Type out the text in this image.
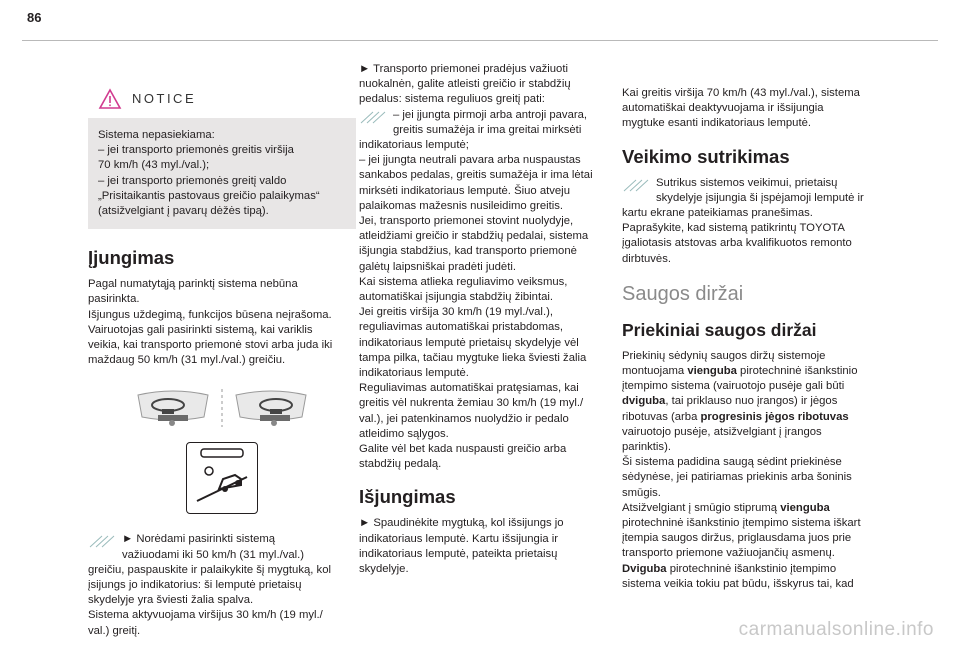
86
NOTICE

Sistema nepasiekiama:

– jei transporto priemonės greitis viršija

70 km/h (43 myl./val.);

– jei transporto priemonės greitį valdo

„Prisitaikantis pastovaus greičio palaikymas“

(atsižvelgiant į pavarų dėžės tipą).

Įjungimas

Pagal numatytąją parinktį sistema nebūna

pasirinkta.

Išjungus uždegimą, funkcijos būsena neįrašoma.

Vairuotojas gali pasirinkti sistemą, kai variklis

veikia, kai transporto priemonė stovi arba juda iki

maždaug 50 km/h (31 myl./val.) greičiu.

► Norėdami pasirinkti sistemą

važiuodami iki 50 km/h (31 myl./val.)

greičiu, paspauskite ir palaikykite šį mygtuką, kol

įsijungs jo indikatorius: ši lemputė prietaisų

skydelyje yra šviesti žalia spalva.

Sistema aktyvuojama viršijus 30 km/h (19 myl./

val.) greitį.

► Transporto priemonei pradėjus važiuoti

nuokalnėn, galite atleisti greičio ir stabdžių

pedalus: sistema reguliuos greitį pati:

– jei įjungta pirmoji arba antroji pavara,

greitis sumažėja ir ima greitai mirksėti

indikatoriaus lemputė;

– jei įjungta neutrali pavara arba nuspaustas

sankabos pedalas, greitis sumažėja ir ima lėtai

mirksėti indikatoriaus lemputė. Šiuo atveju

palaikomas mažesnis nusileidimo greitis.

Jei, transporto priemonei stovint nuolydyje,

atleidžiami greičio ir stabdžių pedalai, sistema

išjungia stabdžius, kad transporto priemonė

galėtų laipsniškai pradėti judėti.

Kai sistema atlieka reguliavimo veiksmus,

automatiškai įsijungia stabdžių žibintai.

Jei greitis viršija 30 km/h (19 myl./val.),

reguliavimas automatiškai pristabdomas,

indikatoriaus lemputė prietaisų skydelyje vėl

tampa pilka, tačiau mygtuke lieka šviesti žalia

indikatoriaus lemputė.

Reguliavimas automatiškai pratęsiamas, kai

greitis vėl nukrenta žemiau 30 km/h (19 myl./

val.), jei patenkinamos nuolydžio ir pedalo

atleidimo sąlygos.

Galite vėl bet kada nuspausti greičio arba

stabdžių pedalą.

Išjungimas

► Spaudinėkite mygtuką, kol išsijungs jo

indikatoriaus lemputė. Kartu išsijungia ir

indikatoriaus lemputė, pateikta prietaisų

skydelyje.

Kai greitis viršija 70 km/h (43 myl./val.), sistema

automatiškai deaktyvuojama ir išsijungia

mygtuke esanti indikatoriaus lemputė.

Veikimo sutrikimas

Sutrikus sistemos veikimui, prietaisų

skydelyje įsijungia ši įspėjamoji lemputė ir

kartu ekrane pateikiamas pranešimas.

Paprašykite, kad sistemą patikrintų TOYOTA

įgaliotasis atstovas arba kvalifikuotos remonto

dirbtuvės.

Saugos diržai
Priekiniai saugos diržai

Priekinių sėdynių saugos diržų sistemoje

montuojama vienguba pirotechninė išankstinio

įtempimo sistema (vairuotojo pusėje gali būti

dviguba, tai priklauso nuo įrangos) ir jėgos

ribotuvas (arba progresinis jėgos ribotuvas

vairuotojo pusėje, atsižvelgiant į įrangos

parinktis).

Ši sistema padidina saugą sėdint priekinėse

sėdynėse, jei patiriamas priekinis arba šoninis

smūgis.

Atsižvelgiant į smūgio stiprumą vienguba

pirotechninė išankstinio įtempimo sistema iškart

įtempia saugos diržus, priglausdama juos prie

transporto priemone važiuojančių asmenų.

Dviguba pirotechninė išankstinio įtempimo

sistema veikia tokiu pat būdu, išskyrus tai, kad

carmanualsonline.info
